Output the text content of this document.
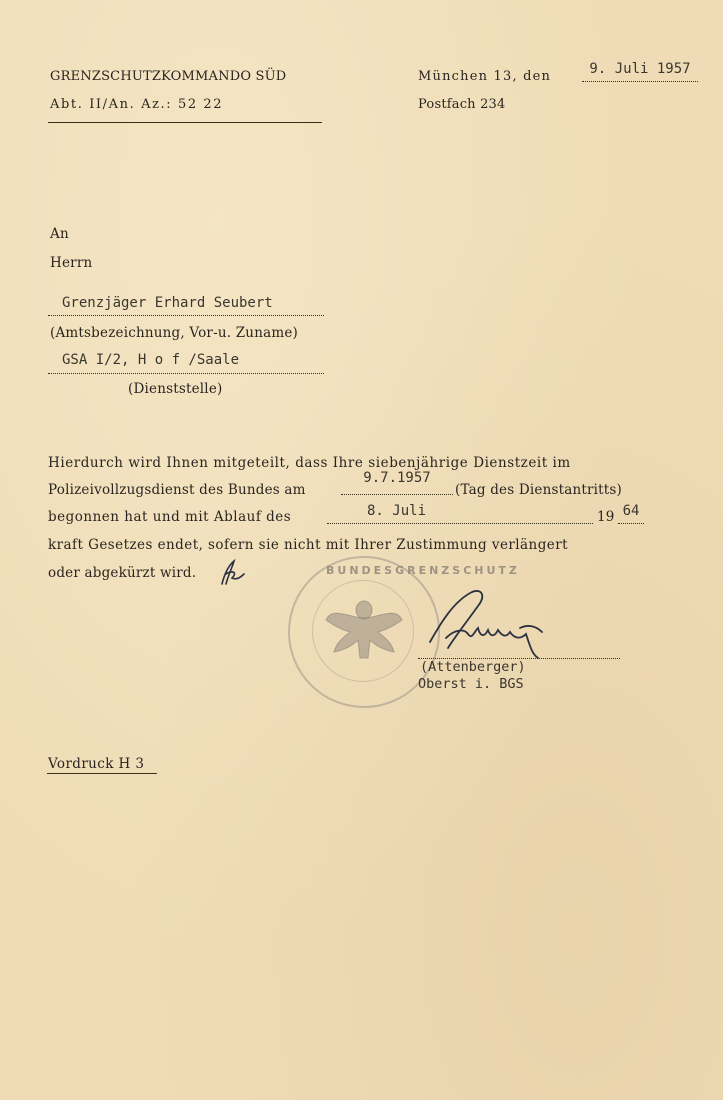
GRENZSCHUTZKOMMANDO SÜD
Abt. II/An. Az.: 52 22
München 13, den	9. Juli 1957
Postfach 234
An
Herrn
Grenzjäger Erhard Seubert
(Amtsbezeichnung, Vor-u. Zuname)
GSA I/2, H o f /Saale
(Dienststelle)
Hierdurch wird Ihnen mitgeteilt, dass Ihre siebenjährige Dienstzeit im
Polizeivollzugsdienst des Bundes am
9.7.1957
(Tag des Dienstantritts)
begonnen hat und mit Ablauf des	8. Juli	19 64
kraft Gesetzes endet, sofern sie nicht mit Ihrer Zustimmung verlängert
oder abgekürzt wird.	BUNDESGRENZSCHUTZ
(Attenberger)
Oberst i. BGS
Vordruck H 3
